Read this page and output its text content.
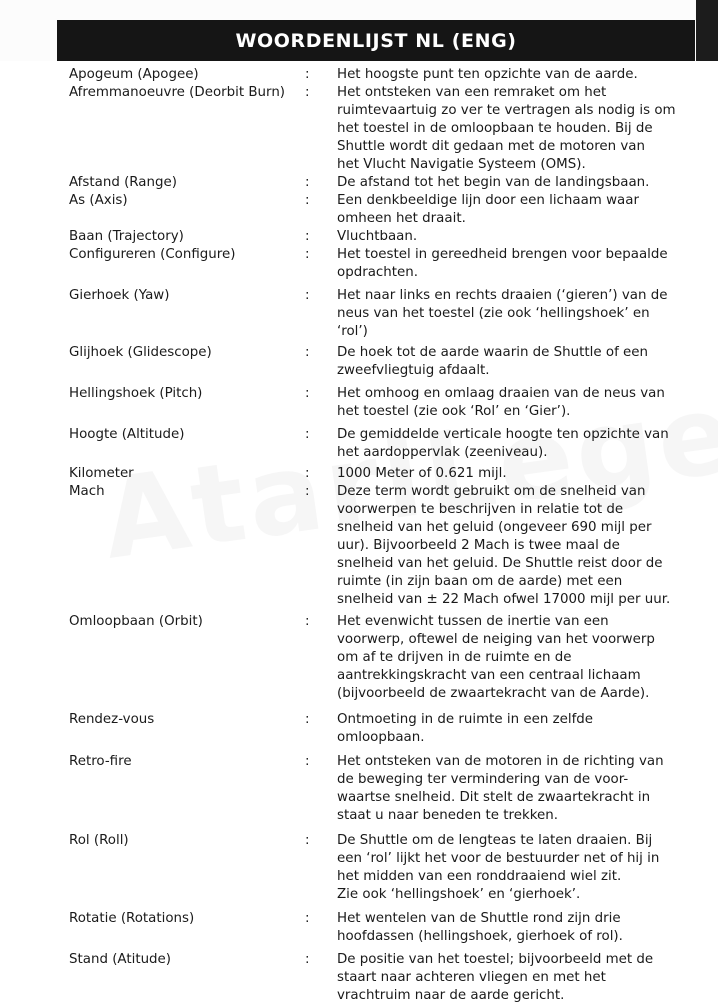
WOORDENLIJST NL (ENG)
Apogeum (Apogee)	:	Het hoogste punt ten opzichte van de aarde.
Afremmanoeuvre (Deorbit Burn)	:	Het ontsteken van een remraket om het
ruimtevaartuig zo ver te vertragen als nodig is om
het toestel in de omloopbaan te houden. Bij de
Shuttle wordt dit gedaan met de motoren van
het Vlucht Navigatie Systeem (OMS).
Afstand (Range)	:	De afstand tot het begin van de landingsbaan.
As (Axis)	:	Een denkbeeldige lijn door een lichaam waar
omheen het draait.
Baan (Trajectory)	:	Vluchtbaan.
Configureren (Configure)	:	Het toestel in gereedheid brengen voor bepaalde
opdrachten.
Gierhoek (Yaw)	:	Het naar links en rechts draaien (‘gieren’) van de
neus van het toestel (zie ook ‘hellingshoek’ en
‘rol’)
Glijhoek (Glidescope)	:	De hoek tot de aarde waarin de Shuttle of een
zweefvliegtuig afdaalt.
Hellingshoek (Pitch)	:	Het omhoog en omlaag draaien van de neus van
het toestel (zie ook ‘Rol’ en ‘Gier’).
Hoogte (Altitude)	:	De gemiddelde verticale hoogte ten opzichte van
het aardoppervlak (zeeniveau).
Kilometer	:	1000 Meter of 0.621 mijl.
Mach	:	Deze term wordt gebruikt om de snelheid van
voorwerpen te beschrijven in relatie tot de
snelheid van het geluid (ongeveer 690 mijl per
uur). Bijvoorbeeld 2 Mach is twee maal de
snelheid van het geluid. De Shuttle reist door de
ruimte (in zijn baan om de aarde) met een
snelheid van ± 22 Mach ofwel 17000 mijl per uur.
Omloopbaan (Orbit)	:	Het evenwicht tussen de inertie van een
voorwerp, oftewel de neiging van het voorwerp
om af te drijven in de ruimte en de
aantrekkingskracht van een centraal lichaam
(bijvoorbeeld de zwaartekracht van de Aarde).
Rendez-vous	:	Ontmoeting in de ruimte in een zelfde
omloopbaan.
Retro-fire	:	Het ontsteken van de motoren in de richting van
de beweging ter vermindering van de voor-
waartse snelheid. Dit stelt de zwaartekracht in
staat u naar beneden te trekken.
Rol (Roll)	:	De Shuttle om de lengteas te laten draaien. Bij
een ‘rol’ lijkt het voor de bestuurder net of hij in
het midden van een ronddraaiend wiel zit.
Zie ook ‘hellingshoek’ en ‘gierhoek’.
Rotatie (Rotations)	:	Het wentelen van de Shuttle rond zijn drie
hoofdassen (hellingshoek, gierhoek of rol).
Stand (Atitude)	:	De positie van het toestel; bijvoorbeeld met de
staart naar achteren vliegen en met het
vrachtruim naar de aarde gericht.
